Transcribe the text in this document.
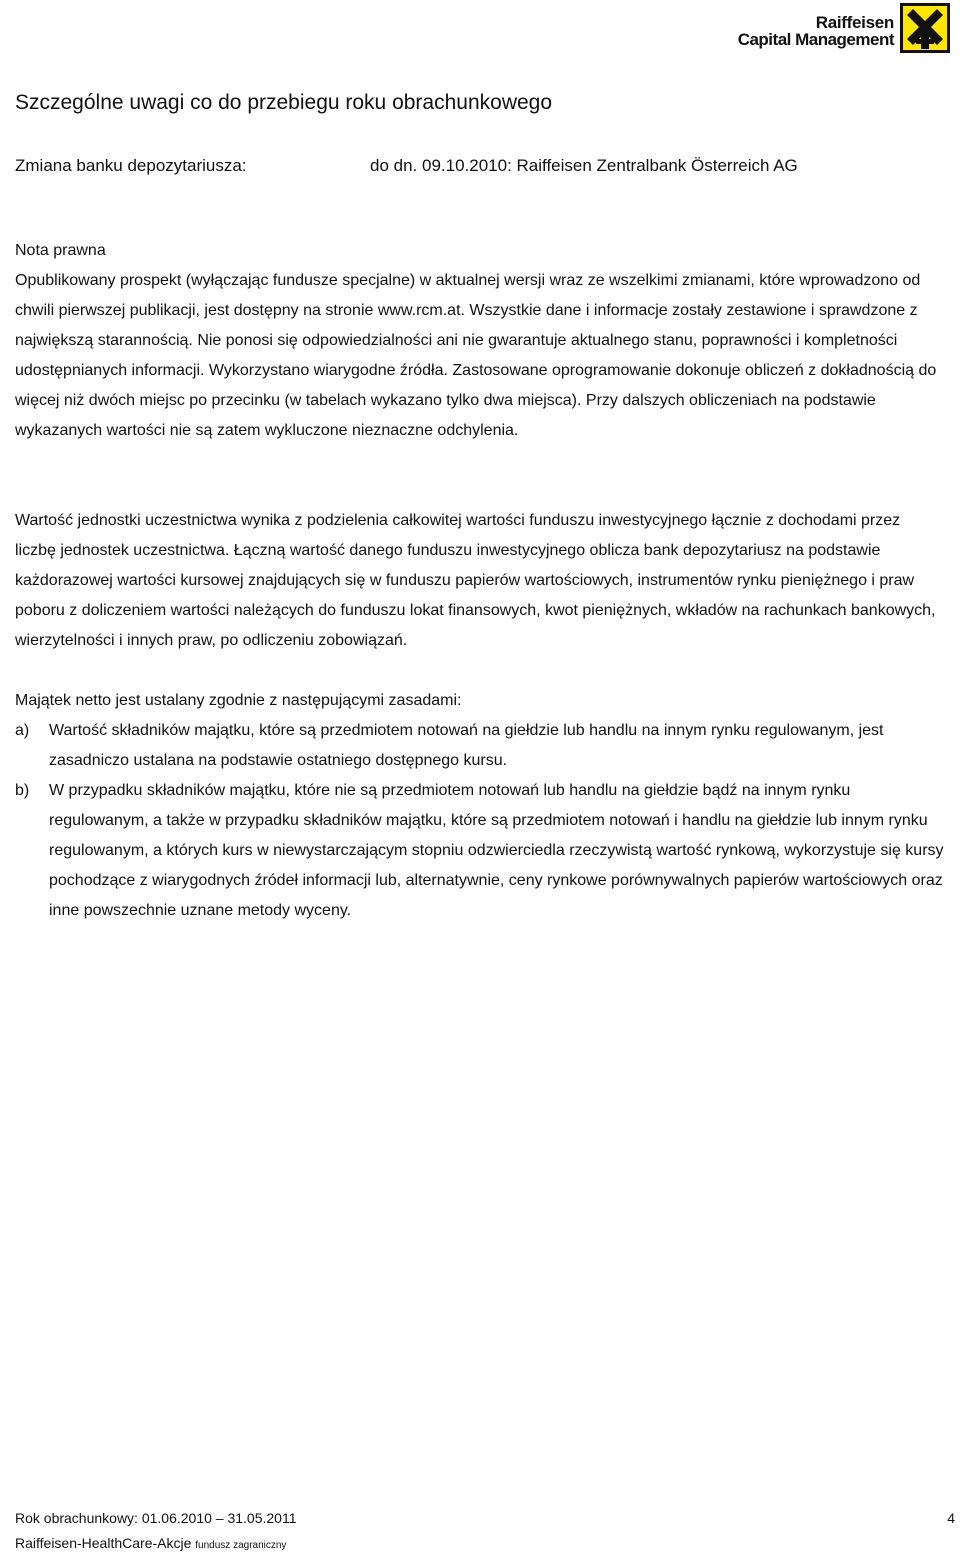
Raiffeisen
Capital Management
Szczególne uwagi co do przebiegu roku obrachunkowego
Zmiana banku depozytariusza:	do dn. 09.10.2010: Raiffeisen Zentralbank Österreich AG

Nota prawna

Opublikowany prospekt (wyłączając fundusze specjalne) w aktualnej wersji wraz ze wszelkimi zmianami, które wprowadzono od chwili pierwszej publikacji, jest dostępny na stronie www.rcm.at. Wszystkie dane i informacje zostały zestawione i sprawdzone z największą starannością. Nie ponosi się odpowiedzialności ani nie gwarantuje aktualnego stanu, poprawności i kompletności udostępnianych informacji. Wykorzystano wiarygodne źródła. Zastosowane oprogramowanie dokonuje obliczeń z dokładnością do więcej niż dwóch miejsc po przecinku (w tabelach wykazano tylko dwa miejsca). Przy dalszych obliczeniach na podstawie wykazanych wartości nie są zatem wykluczone nieznaczne odchylenia.

Wartość jednostki uczestnictwa wynika z podzielenia całkowitej wartości funduszu inwestycyjnego łącznie z dochodami przez liczbę jednostek uczestnictwa. Łączną wartość danego funduszu inwestycyjnego oblicza bank depozytariusz na podstawie każdorazowej wartości kursowej znajdujących się w funduszu papierów wartościowych, instrumentów rynku pieniężnego i praw poboru z doliczeniem wartości należących do funduszu lokat finansowych, kwot pieniężnych, wkładów na rachunkach bankowych, wierzytelności i innych praw, po odliczeniu zobowiązań.

Majątek netto jest ustalany zgodnie z następującymi zasadami:

a)	Wartość składników majątku, które są przedmiotem notowań na giełdzie lub handlu na innym rynku regulowanym, jest zasadniczo ustalana na podstawie ostatniego dostępnego kursu.
b)	W przypadku składników majątku, które nie są przedmiotem notowań lub handlu na giełdzie bądź na innym rynku regulowanym, a także w przypadku składników majątku, które są przedmiotem notowań i handlu na giełdzie lub innym rynku regulowanym, a których kurs w niewystarczającym stopniu odzwierciedla rzeczywistą wartość rynkową, wykorzystuje się kursy pochodzące z wiarygodnych źródeł informacji lub, alternatywnie, ceny rynkowe porównywalnych papierów wartościowych oraz inne powszechnie uznane metody wyceny.
Rok obrachunkowy: 01.06.2010 – 31.05.2011	4
Raiffeisen-HealthCare-Akcje fundusz zagraniczny
